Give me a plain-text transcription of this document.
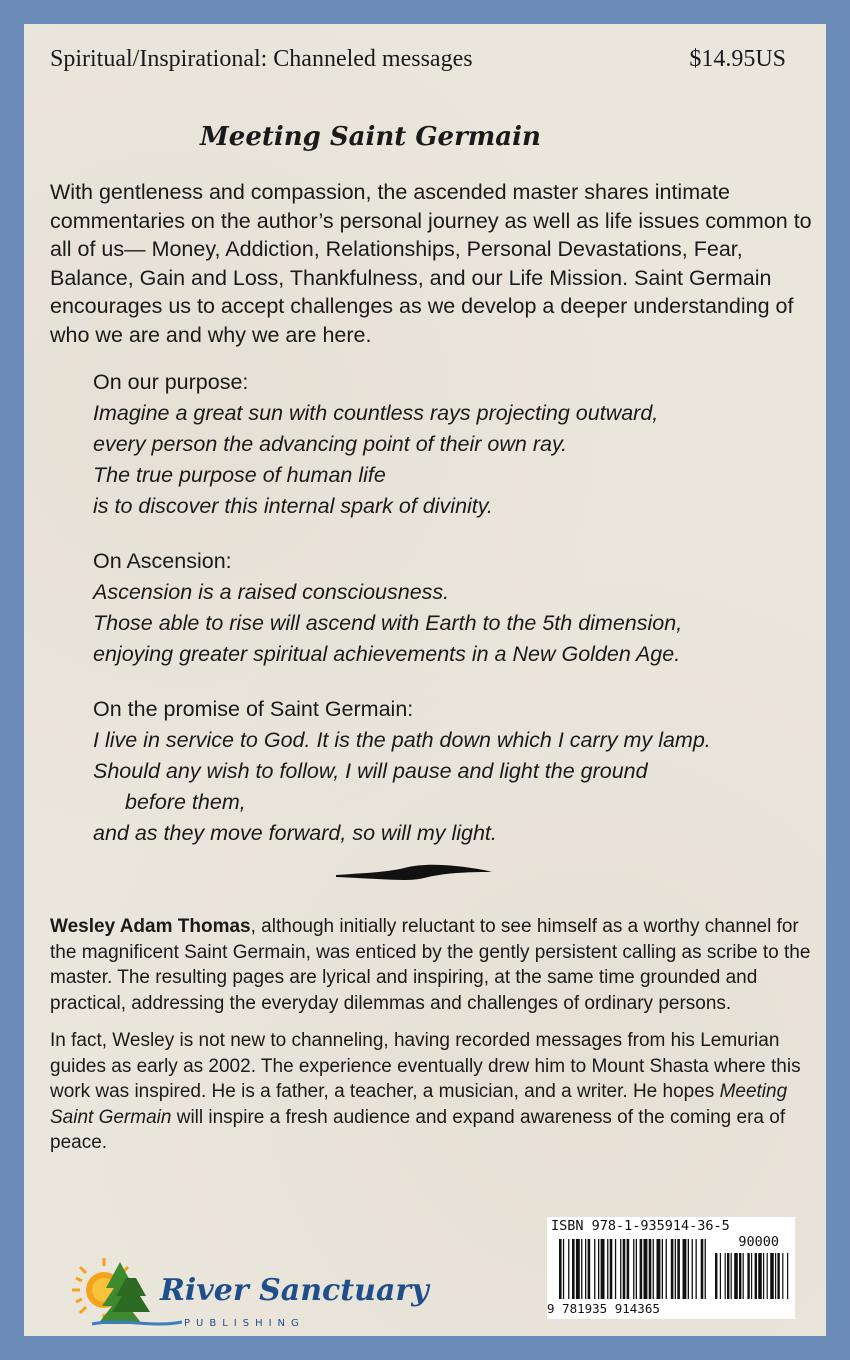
Spiritual/Inspirational: Channeled messages	$14.95US
Meeting Saint Germain
With gentleness and compassion, the ascended master shares intimate commentaries on the author’s personal journey as well as life issues common to all of us— Money, Addiction, Relationships, Personal Devastations, Fear, Balance, Gain and Loss, Thankfulness, and our Life Mission. Saint Germain encourages us to accept challenges as we develop a deeper understanding of who we are and why we are here.
On our purpose:
Imagine a great sun with countless rays projecting outward,
every person the advancing point of their own ray.
The true purpose of human life
is to discover this internal spark of divinity.
On Ascension:
Ascension is a raised consciousness.
Those able to rise will ascend with Earth to the 5th dimension,
enjoying greater spiritual achievements in a New Golden Age.
On the promise of Saint Germain:
I live in service to God. It is the path down which I carry my lamp.
Should any wish to follow, I will pause and light the ground
before them,
and as they move forward, so will my light.

Wesley Adam Thomas, although initially reluctant to see himself as a worthy channel for the magnificent Saint Germain, was enticed by the gently persistent calling as scribe to the master. The resulting pages are lyrical and inspiring, at the same time grounded and practical, addressing the everyday dilemmas and challenges of ordinary persons.

In fact, Wesley is not new to channeling, having recorded messages from his Lemurian guides as early as 2002. The experience eventually drew him to Mount Shasta where this work was inspired. He is a father, a teacher, a musician, and a writer. He hopes Meeting Saint Germain will inspire a fresh audience and expand awareness of the coming era of peace.

River Sanctuary
PUBLISHING
ISBN 978-1-935914-36-5
90000
9 781935 914365
